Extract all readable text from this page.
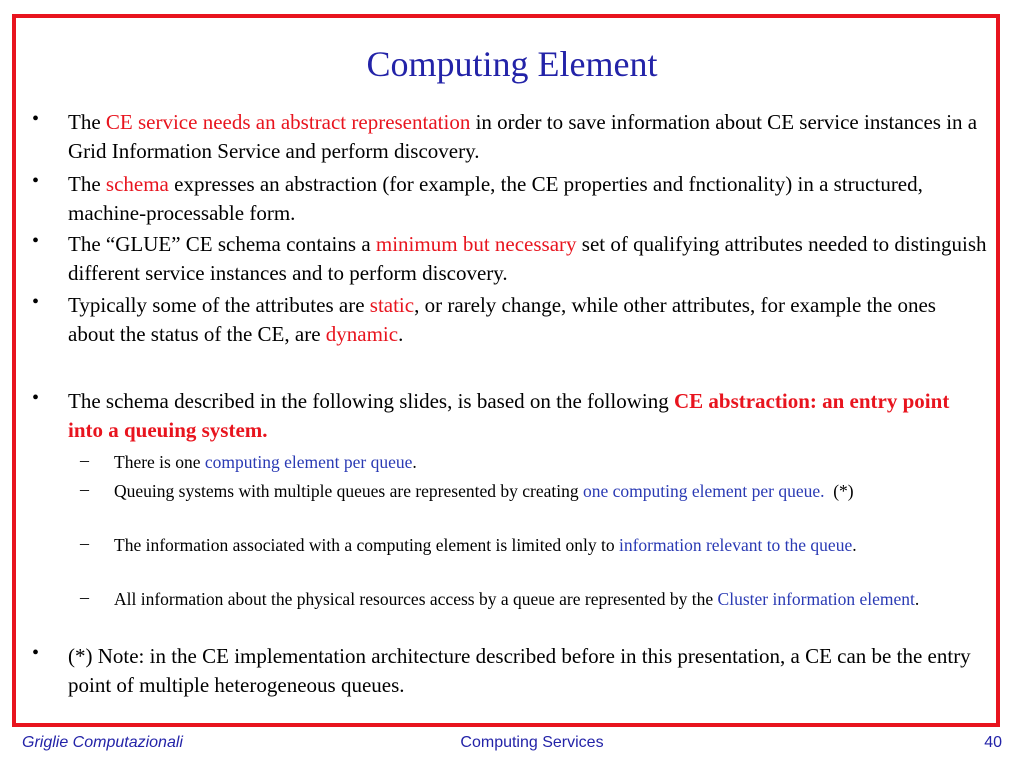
Computing Element
• The CE service needs an abstract representation in order to save information about CE service instances in a Grid Information Service and perform discovery.
• The schema expresses an abstraction (for example, the CE properties and fnctionality) in a structured, machine-processable form.
• The “GLUE” CE schema contains a minimum but necessary set of qualifying attributes needed to distinguish different service instances and to perform discovery.
• Typically some of the attributes are static, or rarely change, while other attributes, for example the ones about the status of the CE, are dynamic.
• The schema described in the following slides, is based on the following CE abstraction: an entry point into a queuing system.
– There is one computing element per queue.
– Queuing systems with multiple queues are represented by creating one computing element per queue.  (*)
– The information associated with a computing element is limited only to information relevant to the queue.
– All information about the physical resources access by a queue are represented by the Cluster information element.
• (*) Note: in the CE implementation architecture described before in this presentation, a CE can be the entry point of multiple heterogeneous queues.
Griglie Computazionali	Computing Services	40
